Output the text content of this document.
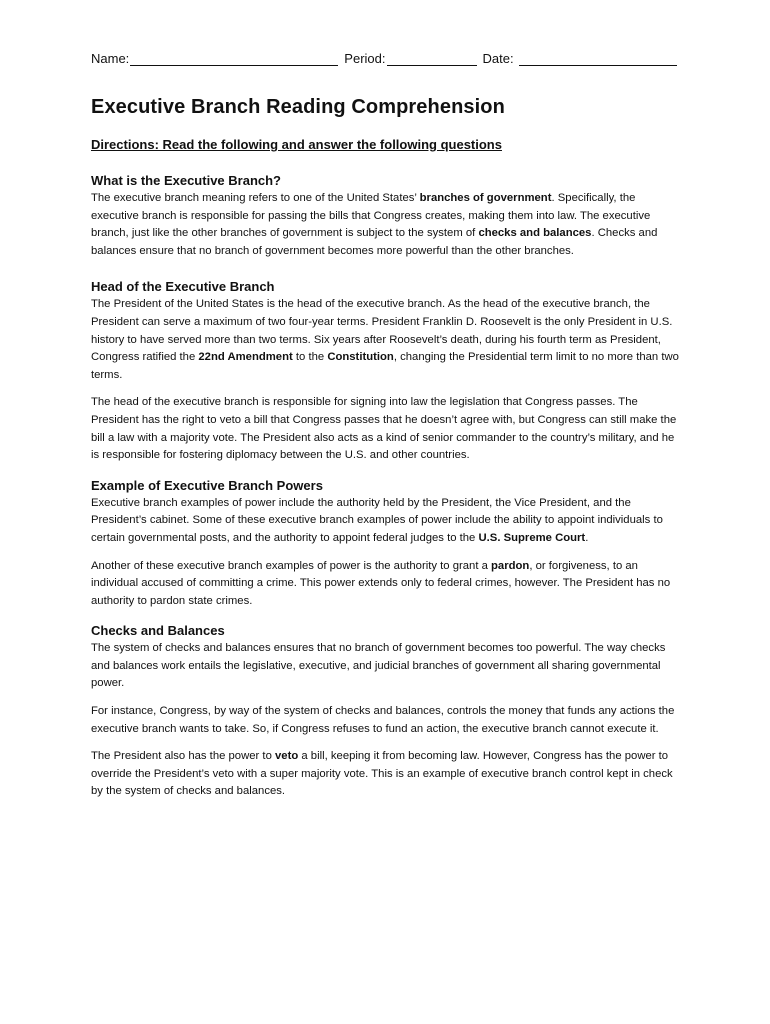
Name:	Period:	Date:
Executive Branch Reading Comprehension
Directions: Read the following and answer the following questions
What is the Executive Branch?

The executive branch meaning refers to one of the United States’ branches of government. Specifically, the executive branch is responsible for passing the bills that Congress creates, making them into law. The executive branch, just like the other branches of government is subject to the system of checks and balances. Checks and balances ensure that no branch of government becomes more powerful than the other branches.

Head of the Executive Branch

The President of the United States is the head of the executive branch. As the head of the executive branch, the President can serve a maximum of two four-year terms. President Franklin D. Roosevelt is the only President in U.S. history to have served more than two terms. Six years after Roosevelt’s death, during his fourth term as President, Congress ratified the 22nd Amendment to the Constitution, changing the Presidential term limit to no more than two terms.

The head of the executive branch is responsible for signing into law the legislation that Congress passes. The President has the right to veto a bill that Congress passes that he doesn’t agree with, but Congress can still make the bill a law with a majority vote. The President also acts as a kind of senior commander to the country’s military, and he is responsible for fostering diplomacy between the U.S. and other countries.

Example of Executive Branch Powers

Executive branch examples of power include the authority held by the President, the Vice President, and the President’s cabinet. Some of these executive branch examples of power include the ability to appoint individuals to certain governmental posts, and the authority to appoint federal judges to the U.S. Supreme Court.

Another of these executive branch examples of power is the authority to grant a pardon, or forgiveness, to an individual accused of committing a crime. This power extends only to federal crimes, however. The President has no authority to pardon state crimes.

Checks and Balances

The system of checks and balances ensures that no branch of government becomes too powerful. The way checks and balances work entails the legislative, executive, and judicial branches of government all sharing governmental power.

For instance, Congress, by way of the system of checks and balances, controls the money that funds any actions the executive branch wants to take. So, if Congress refuses to fund an action, the executive branch cannot execute it.

The President also has the power to veto a bill, keeping it from becoming law. However, Congress has the power to override the President’s veto with a super majority vote. This is an example of executive branch control kept in check by the system of checks and balances.
